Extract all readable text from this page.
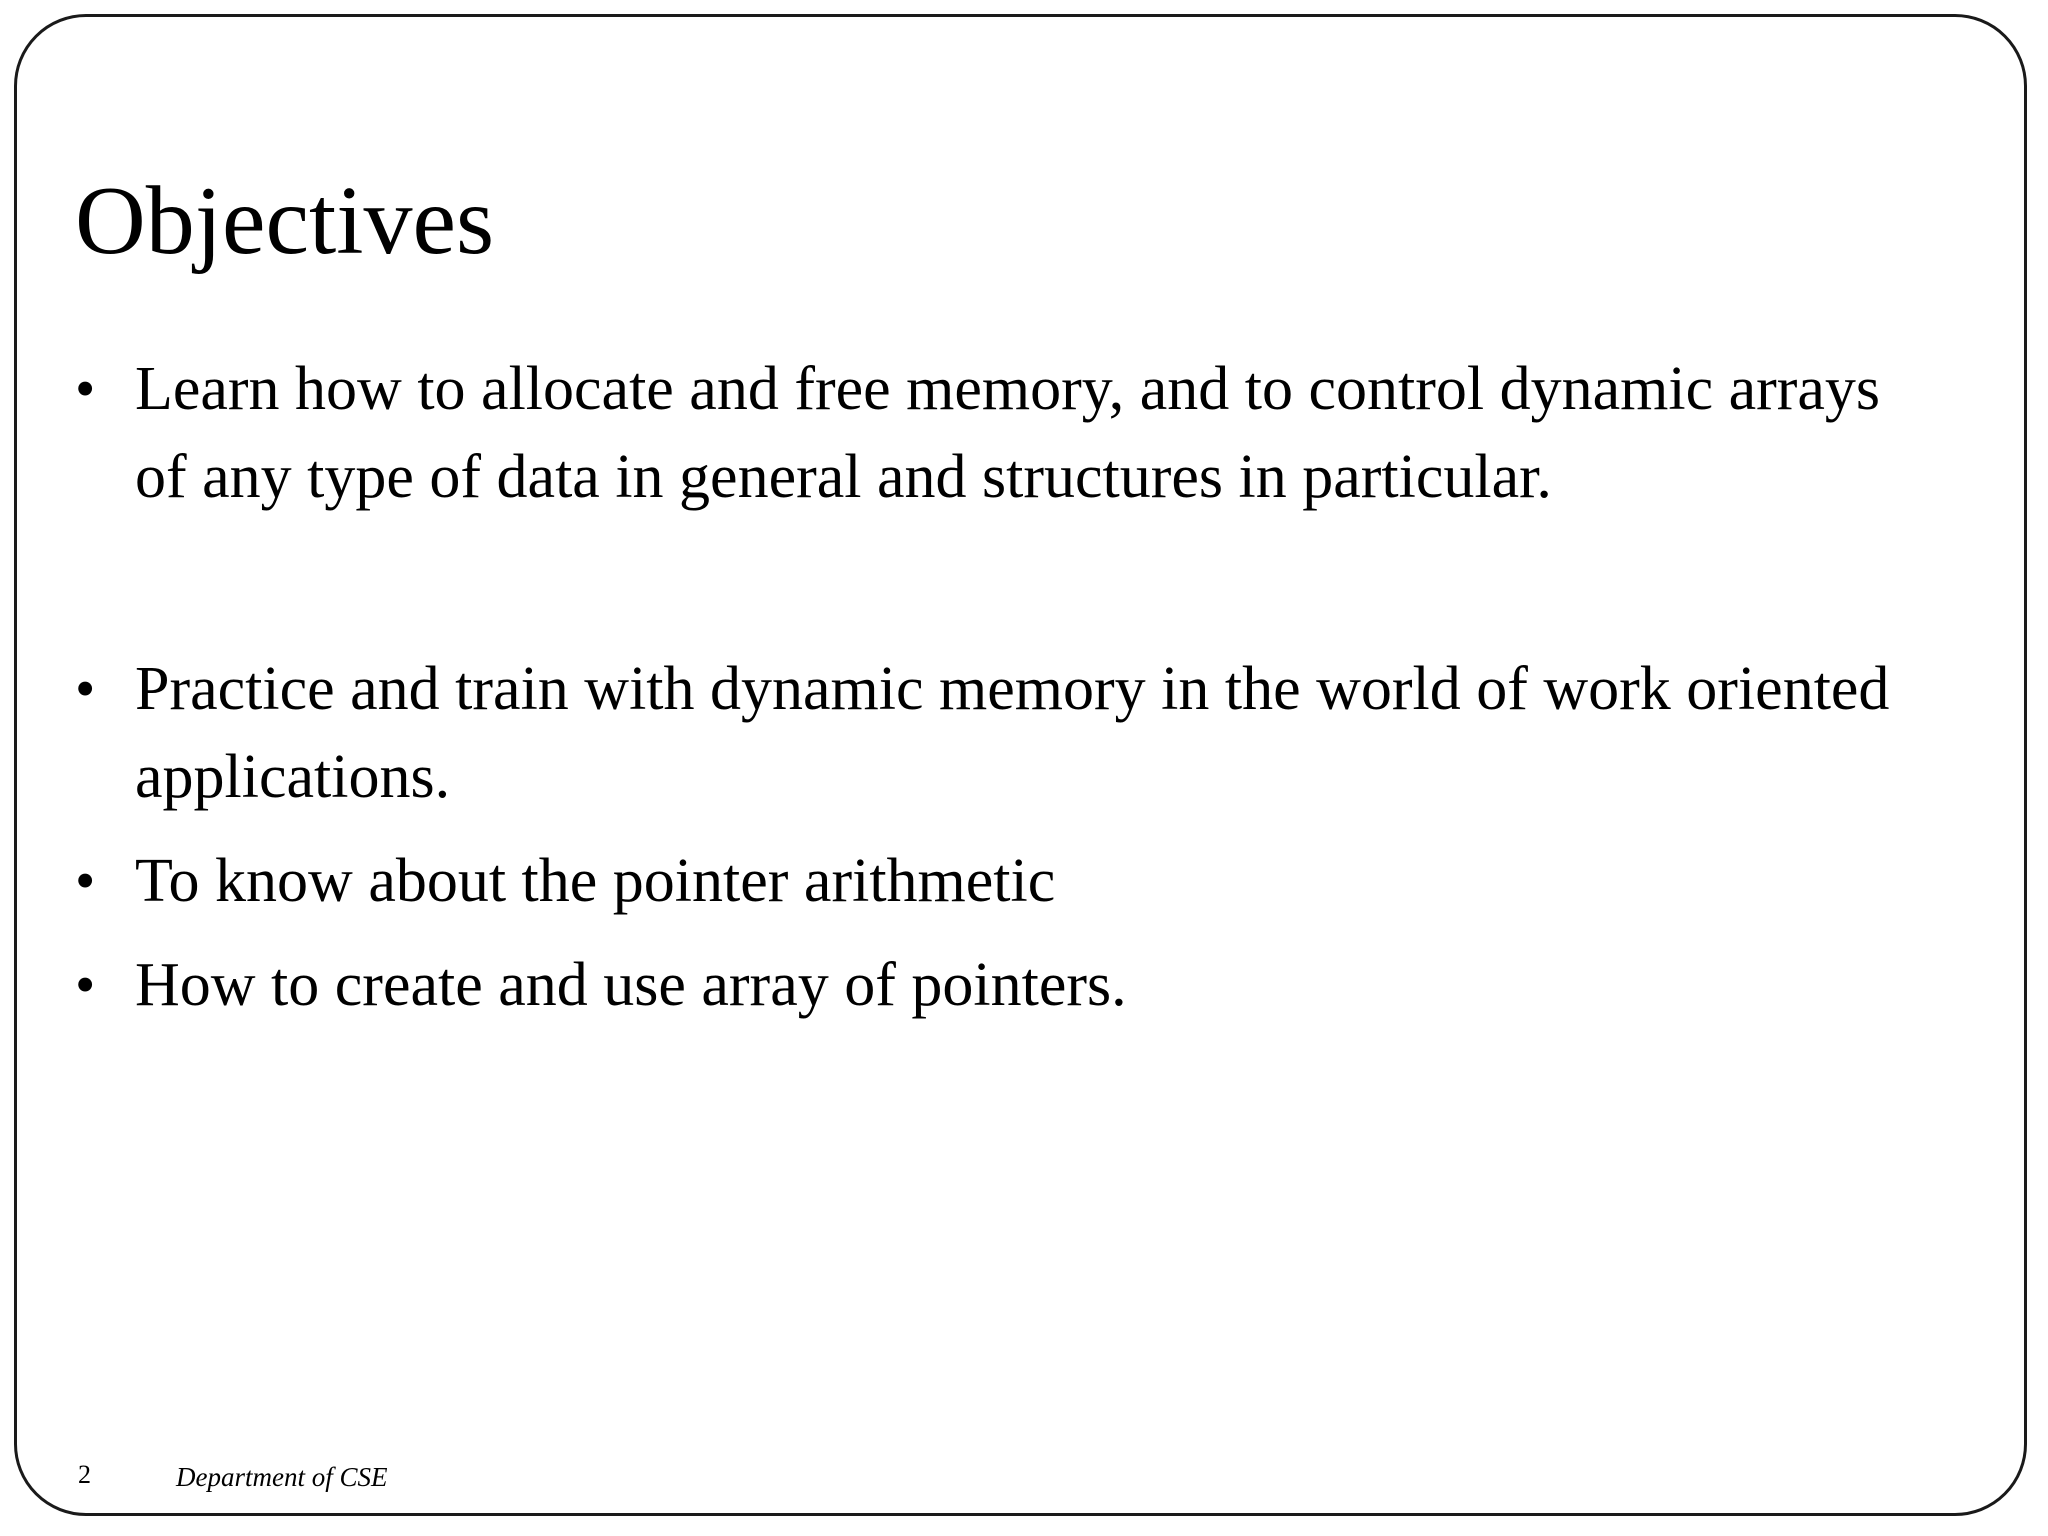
Objectives
• Learn how to allocate and free memory, and to control dynamic arrays of any type of data in general and structures in particular.
• Practice and train with dynamic memory in the world of work oriented applications.
• To know about the pointer arithmetic
• How to create and use array of pointers.
2	Department of CSE
